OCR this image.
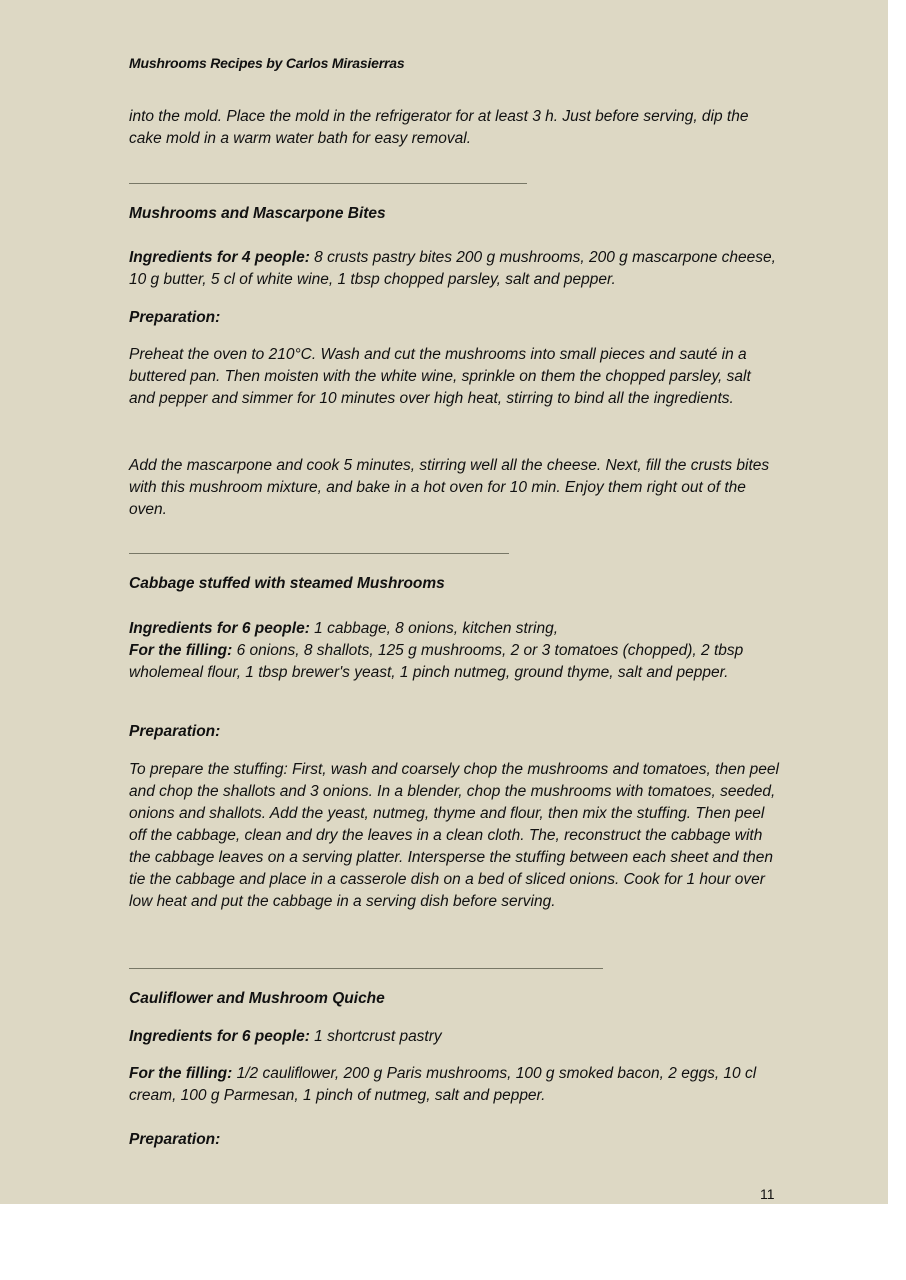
Mushrooms Recipes by Carlos Mirasierras

into the mold. Place the mold in the refrigerator for at least 3 h. Just before serving, dip the cake mold in a warm water bath for easy removal.

Mushrooms and Mascarpone Bites

Ingredients for 4 people: 8 crusts pastry bites 200 g mushrooms, 200 g mascarpone cheese, 10 g butter, 5 cl of white wine, 1 tbsp chopped parsley, salt and pepper.

Preparation:

Preheat the oven to 210°C. Wash and cut the mushrooms into small pieces and sauté in a buttered pan. Then moisten with the white wine, sprinkle on them the chopped parsley, salt and pepper and simmer for 10 minutes over high heat, stirring to bind all the ingredients.

Add the mascarpone and cook 5 minutes, stirring well all the cheese. Next, fill the crusts bites with this mushroom mixture, and bake in a hot oven for 10 min. Enjoy them right out of the oven.

Cabbage stuffed with steamed Mushrooms

Ingredients for 6 people: 1 cabbage, 8 onions, kitchen string,
For the filling: 6 onions, 8 shallots, 125 g mushrooms, 2 or 3 tomatoes (chopped), 2 tbsp wholemeal flour, 1 tbsp brewer's yeast, 1 pinch nutmeg, ground thyme, salt and pepper.

Preparation:

To prepare the stuffing: First, wash and coarsely chop the mushrooms and tomatoes, then peel and chop the shallots and 3 onions. In a blender, chop the mushrooms with tomatoes, seeded, onions and shallots. Add the yeast, nutmeg, thyme and flour, then mix the stuffing. Then peel off the cabbage, clean and dry the leaves in a clean cloth. The, reconstruct the cabbage with the cabbage leaves on a serving platter. Intersperse the stuffing between each sheet and then tie the cabbage and place in a casserole dish on a bed of sliced onions. Cook for 1 hour over low heat and put the cabbage in a serving dish before serving.

Cauliflower and Mushroom Quiche

Ingredients for 6 people: 1 shortcrust pastry

For the filling: 1/2 cauliflower, 200 g Paris mushrooms, 100 g smoked bacon, 2 eggs, 10 cl cream, 100 g Parmesan, 1 pinch of nutmeg, salt and pepper.

Preparation:

11
